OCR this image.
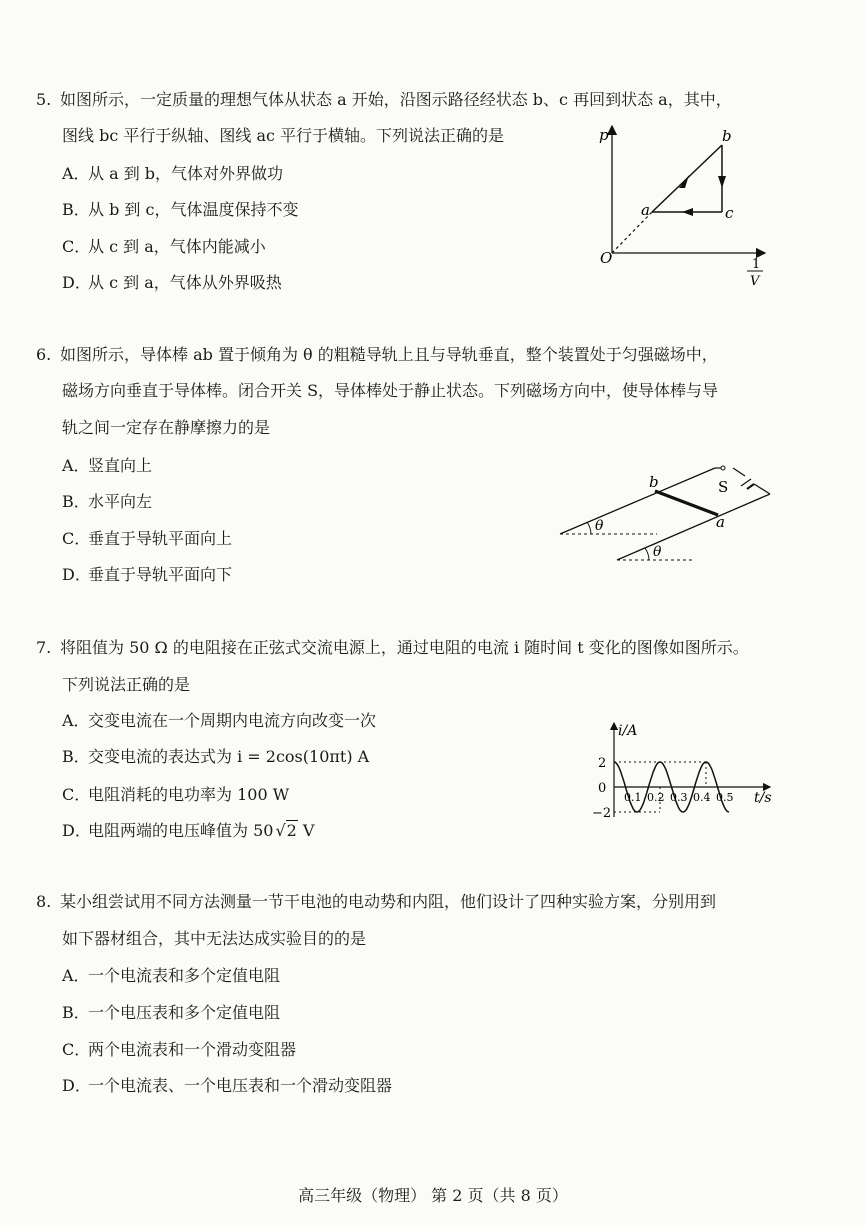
5. 如图所示，一定质量的理想气体从状态 a 开始，沿图示路径经状态 b、c 再回到状态 a，其中，
图线 bc 平行于纵轴、图线 ac 平行于横轴。下列说法正确的是
A．从 a 到 b，气体对外界做功
B．从 b 到 c，气体温度保持不变
C．从 c 到 a，气体内能减小
D．从 c 到 a，气体从外界吸热
p
O
a
b
c
1
V
6. 如图所示，导体棒 ab 置于倾角为 θ 的粗糙导轨上且与导轨垂直，整个装置处于匀强磁场中，
磁场方向垂直于导体棒。闭合开关 S，导体棒处于静止状态。下列磁场方向中，使导体棒与导
轨之间一定存在静摩擦力的是
A．竖直向上
B．水平向左
C．垂直于导轨平面向上
D．垂直于导轨平面向下
b
a
S
θ
θ
7. 将阻值为 50 Ω 的电阻接在正弦式交流电源上，通过电阻的电流 i 随时间 t 变化的图像如图所示。
下列说法正确的是
A．交变电流在一个周期内电流方向改变一次
B．交变电流的表达式为 i = 2cos(10πt) A
C．电阻消耗的电功率为 100 W
D．电阻两端的电压峰值为 50 √2 V
i/A
t/s
2
0
−2
0.1 0.2 0.3 0.4 0.5
8. 某小组尝试用不同方法测量一节干电池的电动势和内阻，他们设计了四种实验方案，分别用到
如下器材组合，其中无法达成实验目的的是
A．一个电流表和多个定值电阻
B．一个电压表和多个定值电阻
C．两个电流表和一个滑动变阻器
D．一个电流表、一个电压表和一个滑动变阻器
高三年级（物理） 第 2 页（共 8 页）
